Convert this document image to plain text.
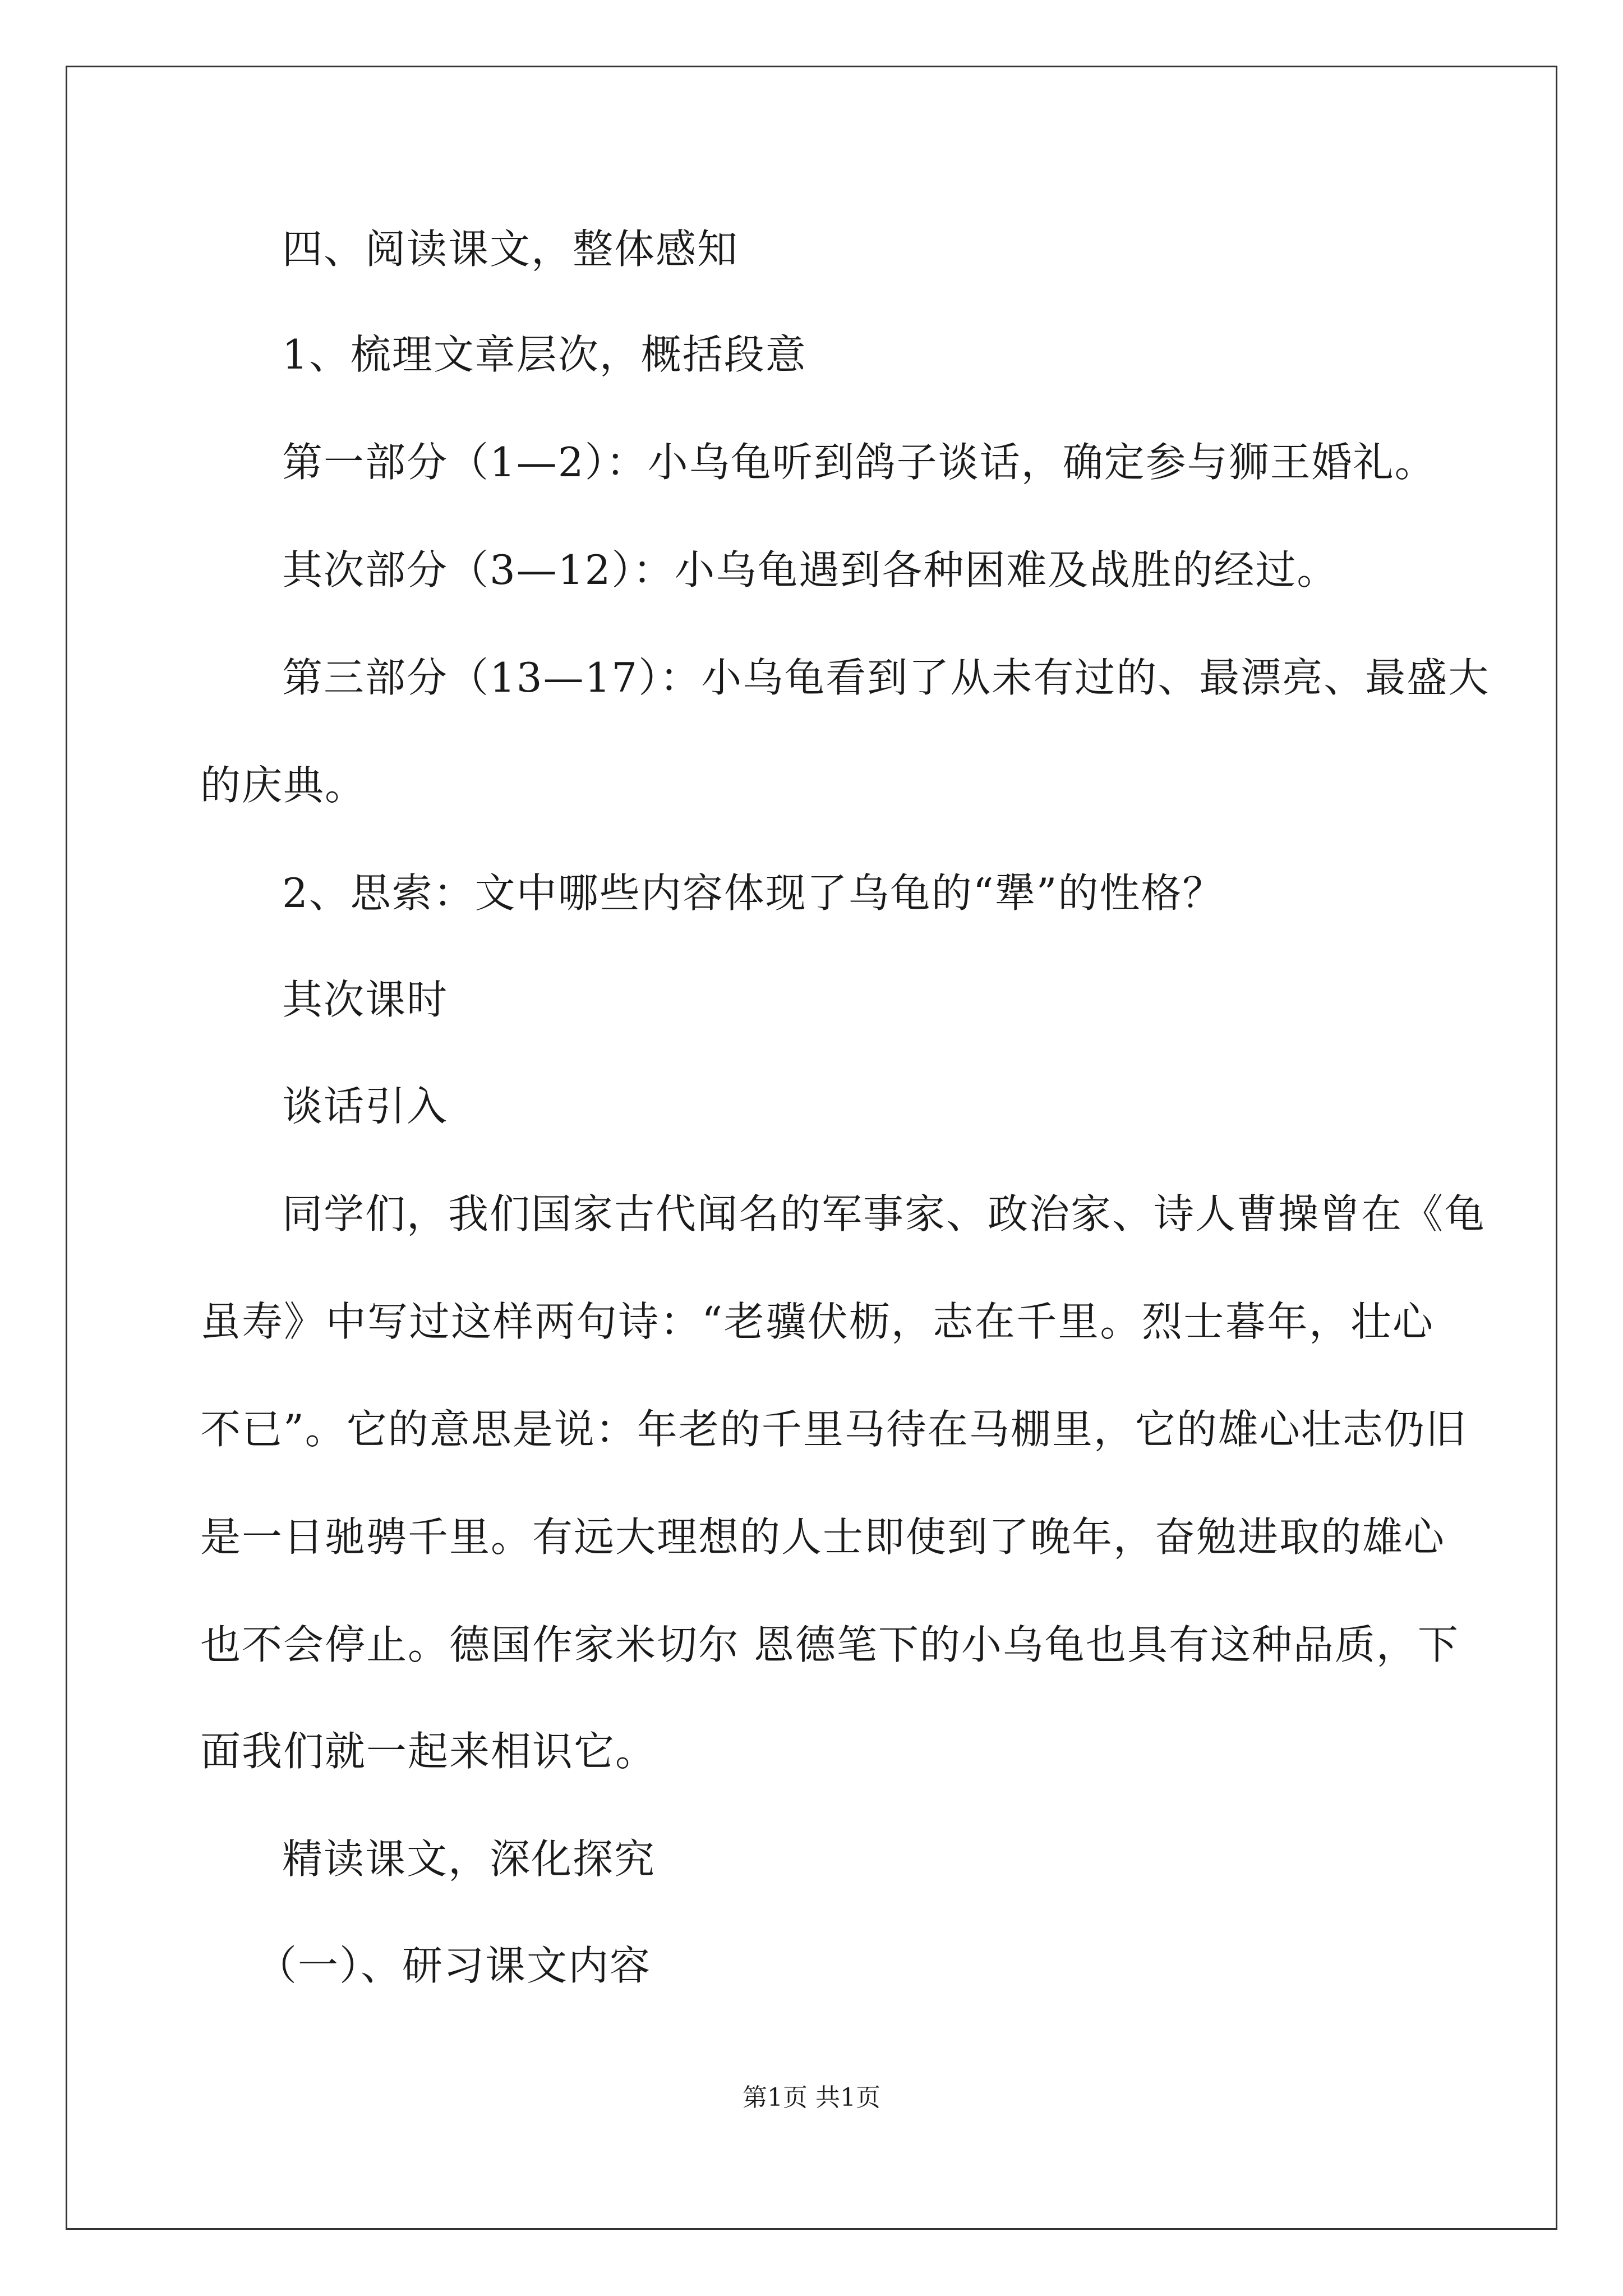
四、阅读课文，整体感知
1、梳理文章层次，概括段意
第一部分（1—2）：小乌龟听到鸽子谈话，确定参与狮王婚礼。
其次部分（3—12）：小乌龟遇到各种困难及战胜的经过。
第三部分（13—17）：小乌龟看到了从未有过的、最漂亮、最盛大
的庆典。
2、思索：文中哪些内容体现了乌龟的“犟”的性格？
其次课时
谈话引入
同学们，我们国家古代闻名的军事家、政治家、诗人曹操曾在《龟
虽寿》中写过这样两句诗：“老骥伏枥，志在千里。烈士暮年，壮心
不已”。它的意思是说：年老的千里马待在马棚里，它的雄心壮志仍旧
是一日驰骋千里。有远大理想的人士即使到了晚年，奋勉进取的雄心
也不会停止。德国作家米切尔 恩德笔下的小乌龟也具有这种品质，下
面我们就一起来相识它。
精读课文，深化探究
（一）、研习课文内容
第1页 共1页
